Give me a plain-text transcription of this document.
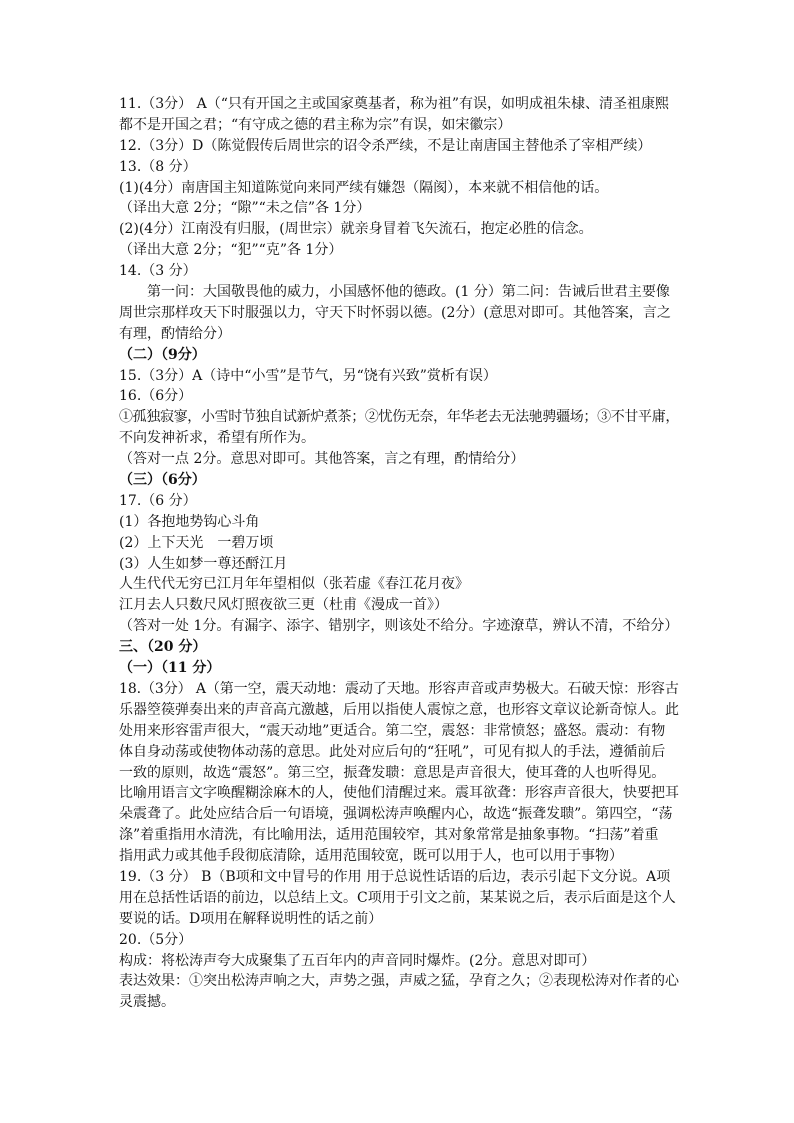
11.（3分） A（“只有开国之主或国家奠基者，称为祖”有误，如明成祖朱棣、清圣祖康熙
都不是开国之君；“有守成之德的君主称为宗”有误，如宋徽宗）
12.（3分）D（陈觉假传后周世宗的诏令杀严续，不是让南唐国主替他杀了宰相严续）
13.（8 分）
(1)(4分）南唐国主知道陈觉向来同严续有嫌怨（隔阂），本来就不相信他的话。
（译出大意 2分；“隙”“未之信”各 1分）
(2)(4分）江南没有归服，(周世宗）就亲身冒着飞矢流石，抱定必胜的信念。
（译出大意 2分；“犯”“克”各 1分）
14.（3 分）
第一问：大国敬畏他的威力，小国感怀他的德政。(1 分）第二问：告诫后世君主要像
周世宗那样攻天下时服强以力，守天下时怀弱以德。(2分）(意思对即可。其他答案，言之
有理，酌情给分）
（二）（9分）
15.（3分）A（诗中“小雪”是节气，另“饶有兴致”赏析有误）
16.（6分）
①孤独寂寥，小雪时节独自试新炉煮茶；②忧伤无奈，年华老去无法驰骋疆场；③不甘平庸，
不向发神祈求，希望有所作为。
（答对一点 2分。意思对即可。其他答案，言之有理，酌情给分）
（三）（6分）
17.（6 分）
(1）各抱地势钩心斗角
(2）上下天光　一碧万顷
(3）人生如梦一尊还酹江月
人生代代无穷已江月年年望相似（张若虚《春江花月夜》
江月去人只数尺风灯照夜欲三更（杜甫《漫成一首》）
（答对一处 1分。有漏字、添字、错别字，则该处不给分。字迹潦草，辨认不清，不给分）
三、（20 分）
（一）（11 分）
18.（3分） A（第一空，震天动地：震动了天地。形容声音或声势极大。石破天惊：形容古
乐器箜篌弹奏出来的声音高亢激越，后用以指使人震惊之意，也形容文章议论新奇惊人。此
处用来形容雷声很大，“震天动地”更适合。第二空，震怒：非常愤怒；盛怒。震动：有物
体自身动荡或使物体动荡的意思。此处对应后句的“狂吼”，可见有拟人的手法，遵循前后
一致的原则，故选“震怒”。第三空，振聋发聩：意思是声音很大，使耳聋的人也听得见。
比喻用语言文字唤醒糊涂麻木的人，使他们清醒过来。震耳欲聋：形容声音很大，快要把耳
朵震聋了。此处应结合后一句语境，强调松涛声唤醒内心，故选“振聋发聩”。第四空，“荡
涤”着重指用水清洗，有比喻用法，适用范围较窄，其对象常常是抽象事物。“扫荡”着重
指用武力或其他手段彻底清除，适用范围较宽，既可以用于人，也可以用于事物）
19.（3 分） B（B项和文中冒号的作用 用于总说性话语的后边，表示引起下文分说。A项
用在总括性话语的前边，以总结上文。C项用于引文之前，某某说之后，表示后面是这个人
要说的话。D项用在解释说明性的话之前）
20.（5分）
构成：将松涛声夸大成聚集了五百年内的声音同时爆炸。(2分。意思对即可）
表达效果：①突出松涛声响之大，声势之强，声威之猛，孕育之久；②表现松涛对作者的心
灵震撼。
